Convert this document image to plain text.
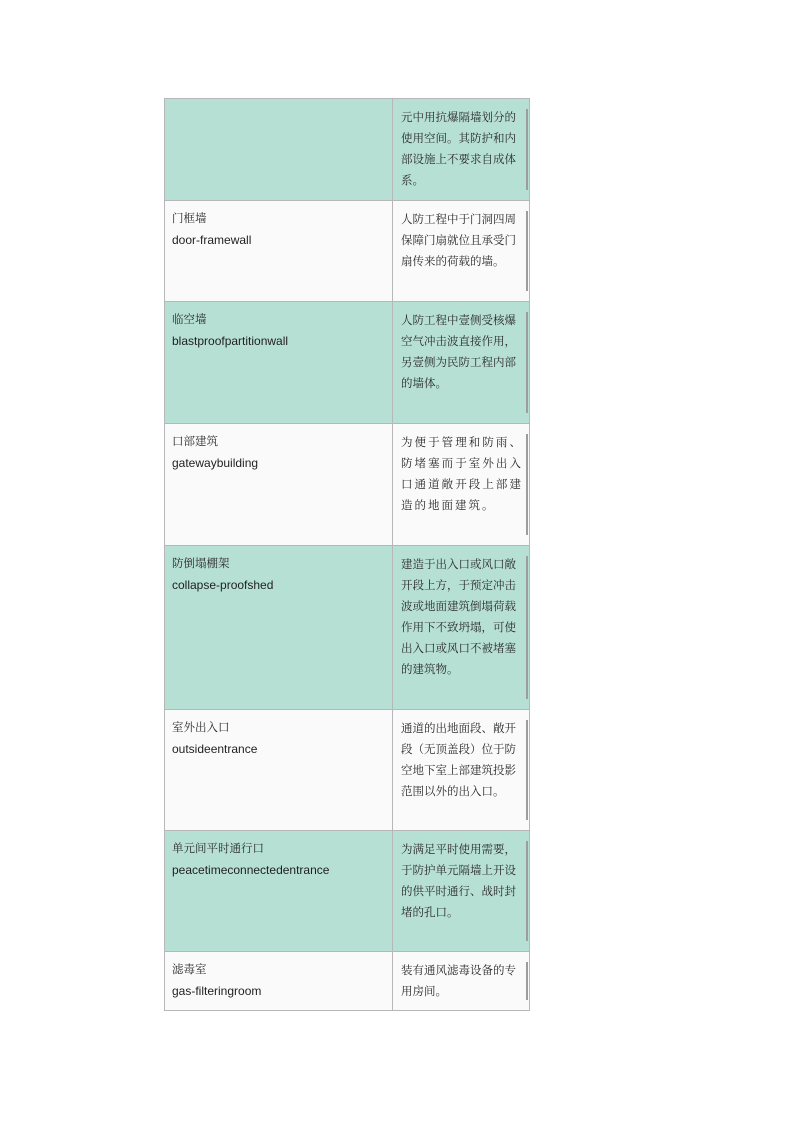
	元中用抗爆隔墙划分的使用空间。其防护和内部设施上不要求自成体系。

门框墙
door-framewall	人防工程中于门洞四周保障门扇就位且承受门扇传来的荷载的墙。

临空墙
blastproofpartitionwall	人防工程中壹侧受核爆空气冲击波直接作用，另壹侧为民防工程内部的墙体。

口部建筑
gatewaybuilding	为便于管理和防雨、防堵塞而于室外出入口通道敞开段上部建造的地面建筑。

防倒塌棚架
collapse-proofshed	建造于出入口或风口敞开段上方，于预定冲击波或地面建筑倒塌荷载作用下不致坍塌，可使出入口或风口不被堵塞的建筑物。

室外出入口
outsideentrance	通道的出地面段、敞开段（无顶盖段）位于防空地下室上部建筑投影范围以外的出入口。

单元间平时通行口
peacetimeconnectedentrance	为满足平时使用需要，于防护单元隔墙上开设的供平时通行、战时封堵的孔口。

滤毒室
gas-filteringroom	装有通风滤毒设备的专用房间。
